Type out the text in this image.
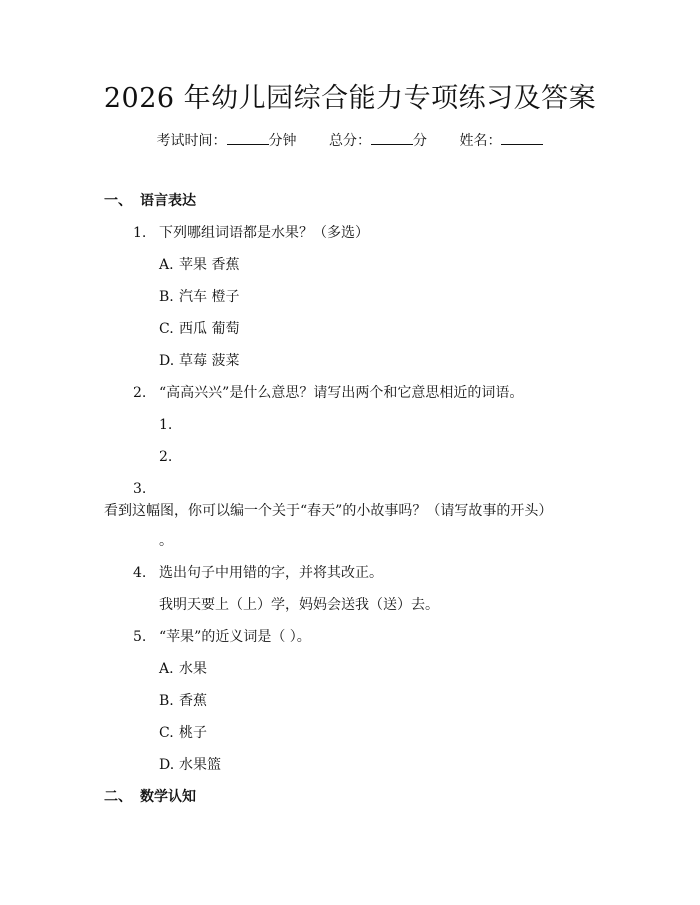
2026 年幼儿园综合能力专项练习及答案
考试时间：	分钟 总分：	分 姓名：
一、 语言表达
1. 下列哪组词语都是水果？（多选）
A. 苹果 香蕉
B. 汽车 橙子
C. 西瓜 葡萄
D. 草莓 菠菜
2. “高高兴兴”是什么意思？请写出两个和它意思相近的词语。
1.
2.
3.看到这幅图，你可以编一个关于“春天”的小故事吗？（请写故事的开头）
。
4. 选出句子中用错的字，并将其改正。
我明天要上（上）学，妈妈会送我（送）去。
5. “苹果”的近义词是（ ）。
A. 水果
B. 香蕉
C. 桃子
D. 水果篮
二、 数学认知
